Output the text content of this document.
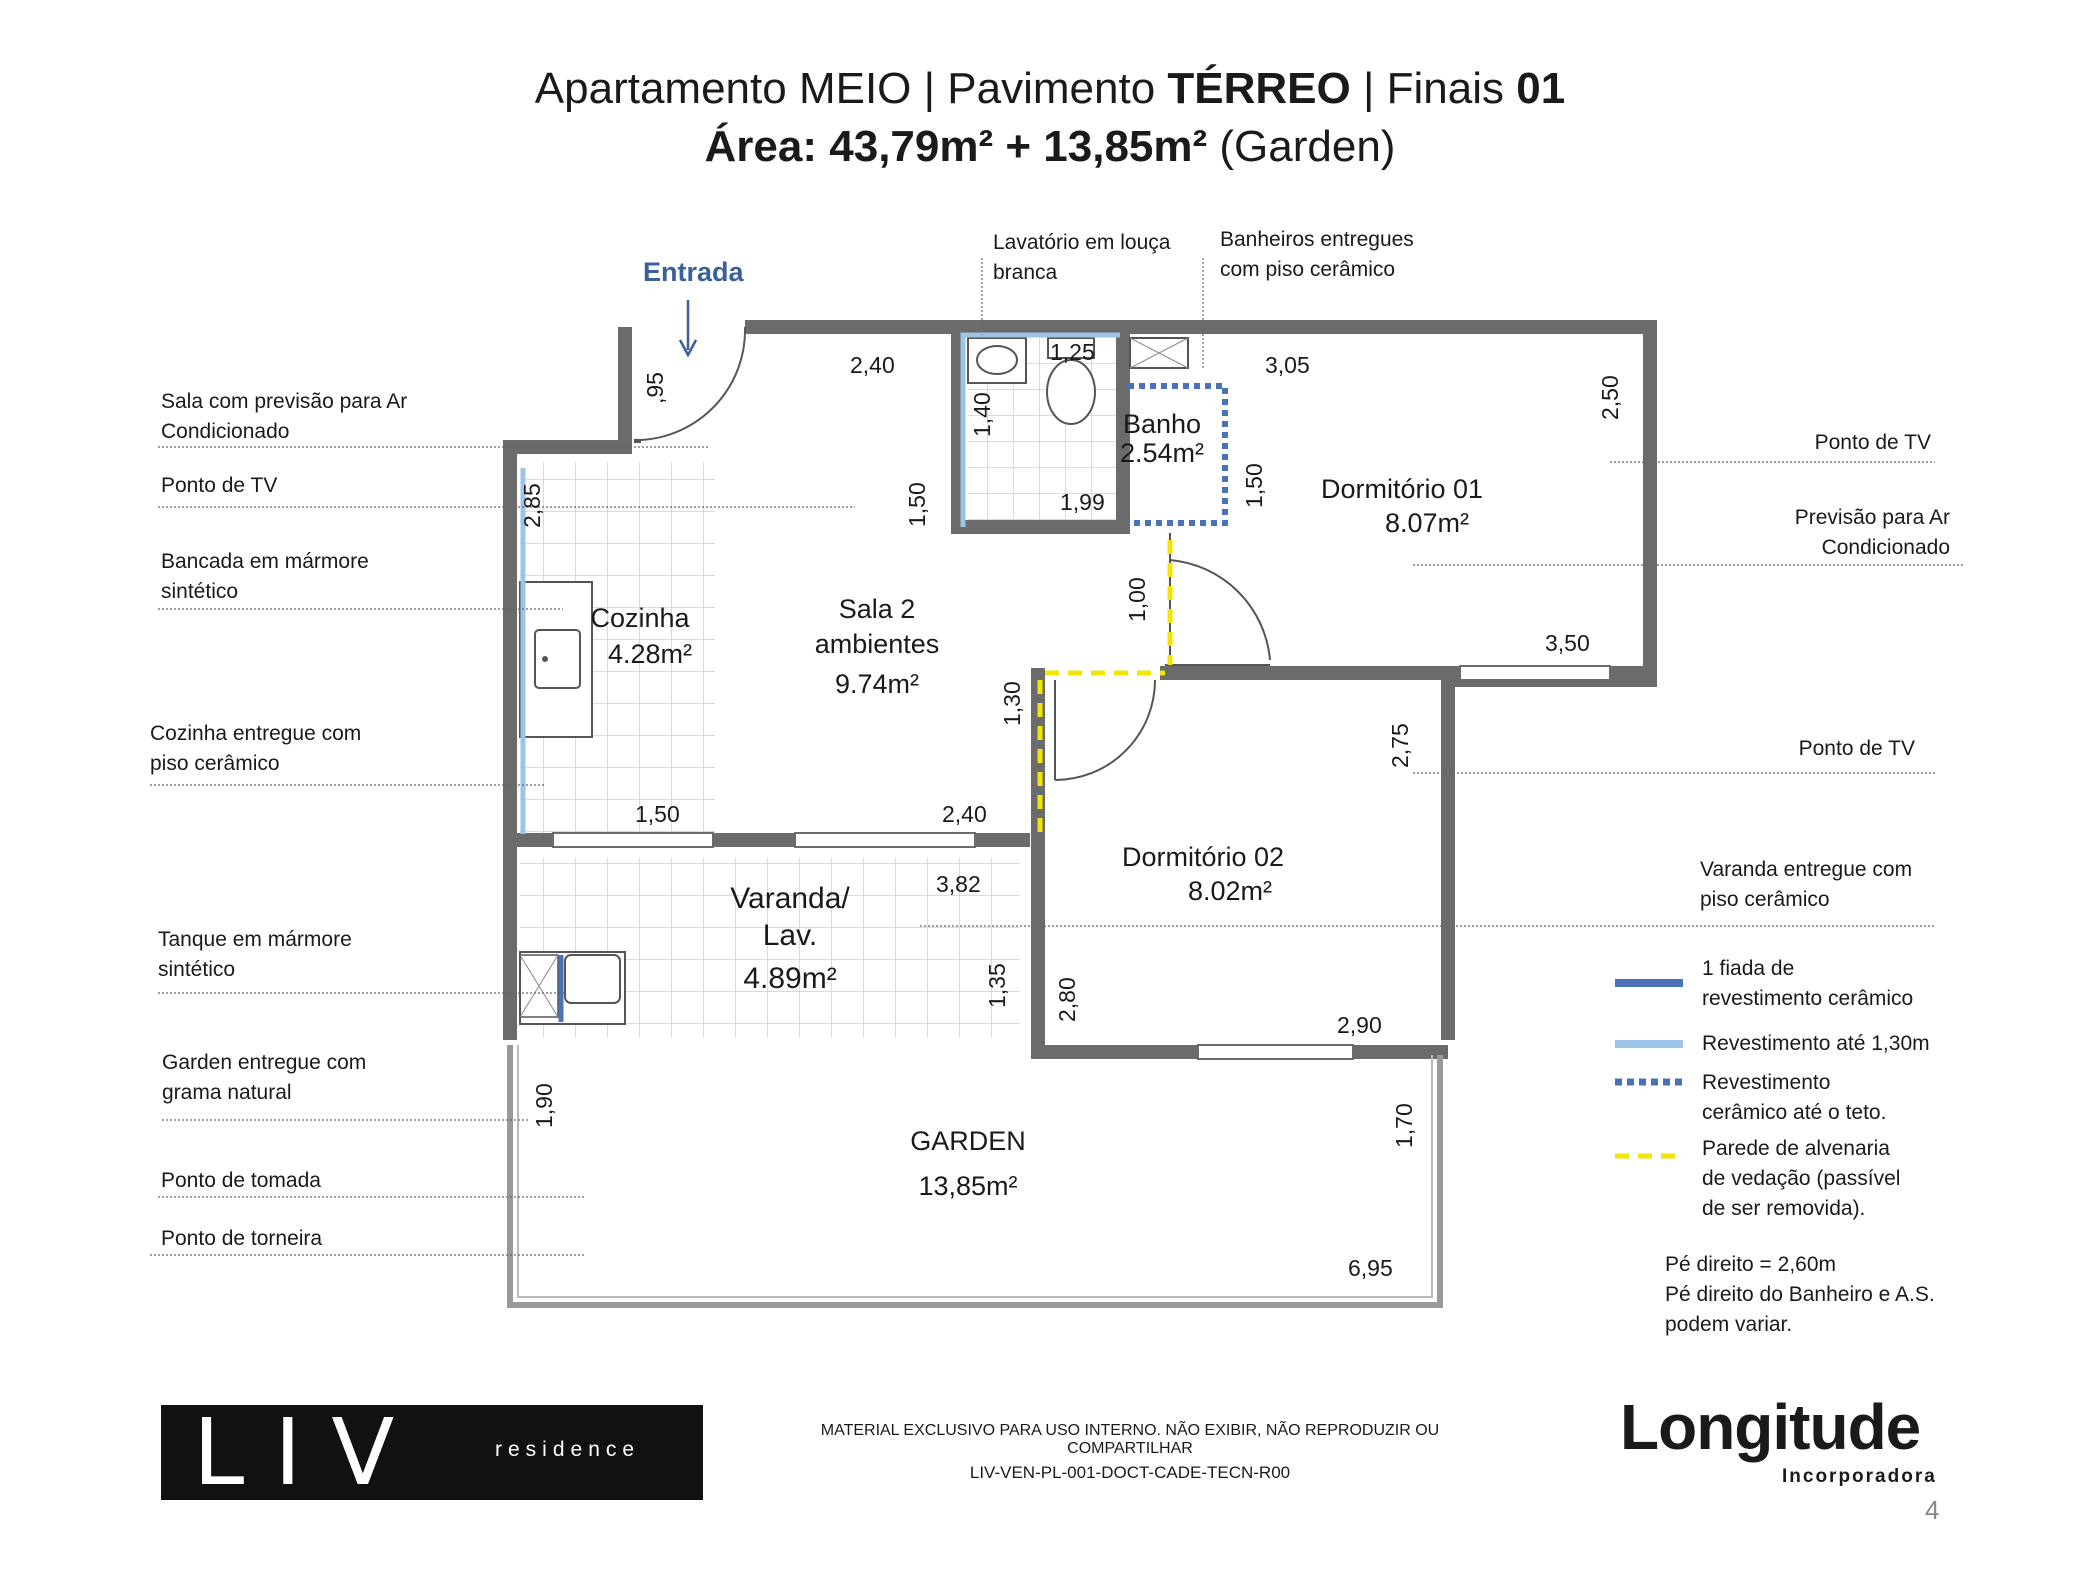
Apartamento MEIO | Pavimento TÉRREO | Finais 01
Área: 43,79m² + 13,85m² (Garden)
Entrada
Banho
2.54m²
Dormitório 01
8.07m²
Cozinha
4.28m²
Sala 2
ambientes
9.74m²
Dormitório 02
8.02m²
Varanda/
Lav.
4.89m²
GARDEN
13,85m²
,95
2,40	1,25
1,40
3,05
2,50
2,85	1,50	1,99	1,50
1,00
3,50
1,30
2,75
1,50	2,40
3,82
1,35 2,80
2,90
1,90	1,70
6,95
Sala com previsão para Ar
Condicionado
Ponto de TV
Bancada em mármore
sintético
Cozinha entregue com
piso cerâmico
Tanque em mármore
sintético
Garden entregue com
grama natural
Ponto de tomada
Ponto de torneira
Lavatório em louça
branca
Banheiros entregues
com piso cerâmico
Ponto de TV
Previsão para Ar
Condicionado
Ponto de TV
Varanda entregue com
piso cerâmico
1 fiada de
revestimento cerâmico
Revestimento até 1,30m
Revestimento
cerâmico até o teto.
Parede de alvenaria
de vedação (passível
de ser removida).
Pé direito = 2,60m
Pé direito do Banheiro e A.S.
podem variar.
LIV	residence
MATERIAL EXCLUSIVO PARA USO INTERNO. NÃO EXIBIR, NÃO REPRODUZIR OU COMPARTILHAR
LIV-VEN-PL-001-DOCT-CADE-TECN-R00
Longitude
Incorporadora
4
